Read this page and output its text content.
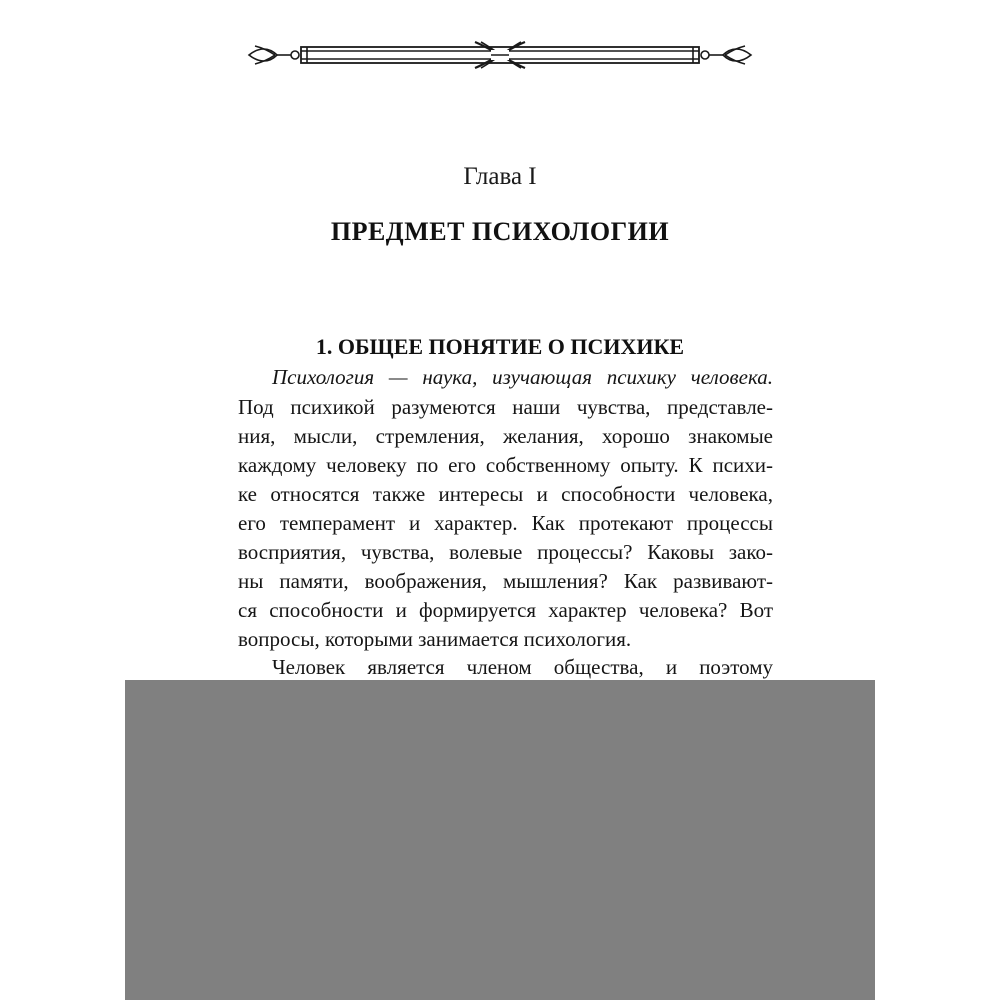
Глава I
ПРЕДМЕТ ПСИХОЛОГИИ
1. ОБЩЕЕ ПОНЯТИЕ О ПСИХИКЕ
Психология — наука, изучающая психику человека.
Под психикой разумеются наши чувства, представле-
ния, мысли, стремления, желания, хорошо знакомые
каждому человеку по его собственному опыту. К психи-
ке относятся также интересы и способности человека,
его темперамент и характер. Как протекают процессы
восприятия, чувства, волевые процессы? Каковы зако-
ны памяти, воображения, мышления? Как развивают-
ся способности и формируется характер человека? Вот
вопросы, которыми занимается психология.
Человек является членом общества, и поэтому
